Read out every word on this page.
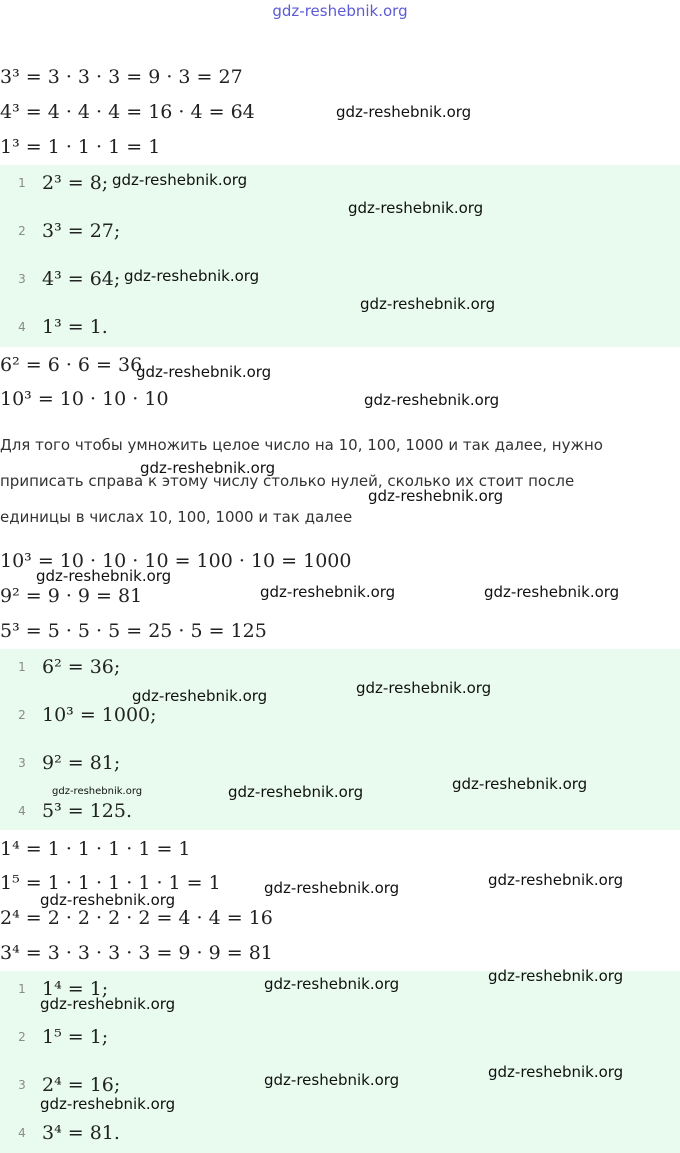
gdz-reshebnik.org
3³ = 3 · 3 · 3 = 9 · 3 = 27
4³ = 4 · 4 · 4 = 16 · 4 = 64
1³ = 1 · 1 · 1 = 1
1 2³ = 8;
2 3³ = 27;
3 4³ = 64;
4 1³ = 1.
6² = 6 · 6 = 36
10³ = 10 · 10 · 10
Для того чтобы умножить целое число на 10, 100, 1000 и так далее, нужно
приписать справа к этому числу столько нулей, сколько их стоит после
единицы в числах 10, 100, 1000 и так далее
10³ = 10 · 10 · 10 = 100 · 10 = 1000
9² = 9 · 9 = 81
5³ = 5 · 5 · 5 = 25 · 5 = 125
1 6² = 36;
2 10³ = 1000;
3 9² = 81;
4 5³ = 125.
1⁴ = 1 · 1 · 1 · 1 = 1
1⁵ = 1 · 1 · 1 · 1 · 1 = 1
2⁴ = 2 · 2 · 2 · 2 = 4 · 4 = 16
3⁴ = 3 · 3 · 3 · 3 = 9 · 9 = 81
1 1⁴ = 1;
2 1⁵ = 1;
3 2⁴ = 16;
4 3⁴ = 81.
gdz-reshebnik.org
gdz-reshebnik.org
gdz-reshebnik.org
gdz-reshebnik.org
gdz-reshebnik.org
gdz-reshebnik.org
gdz-reshebnik.org
gdz-reshebnik.org
gdz-reshebnik.org
gdz-reshebnik.org
gdz-reshebnik.org	gdz-reshebnik.org
gdz-reshebnik.org
gdz-reshebnik.org
gdz-reshebnik.org	gdz-reshebnik.org
gdz-reshebnik.org
gdz-reshebnik.org
gdz-reshebnik.org
gdz-reshebnik.org
gdz-reshebnik.org
gdz-reshebnik.org
gdz-reshebnik.org
gdz-reshebnik.org
gdz-reshebnik.org
gdz-reshebnik.org
